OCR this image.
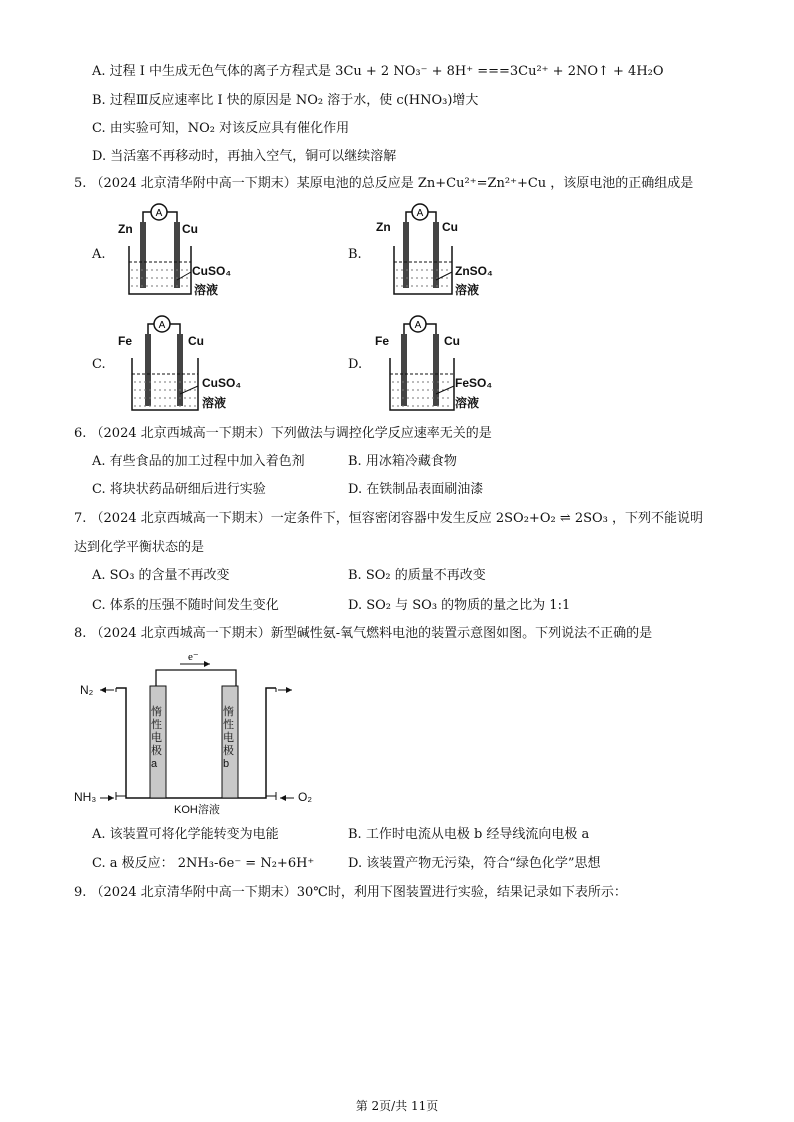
A. 过程 Ⅰ 中生成无色气体的离子方程式是 3Cu + 2 NO₃⁻ + 8H⁺ ===3Cu²⁺ + 2NO↑ + 4H₂O
B. 过程Ⅲ反应速率比 Ⅰ 快的原因是 NO₂ 溶于水，使 c(HNO₃)增大
C. 由实验可知，NO₂ 对该反应具有催化作用
D. 当活塞不再移动时，再抽入空气，铜可以继续溶解
5. （2024 北京清华附中高一下期末）某原电池的总反应是 Zn+Cu²⁺=Zn²⁺+Cu ，该原电池的正确组成是
A.
A
Zn	Cu
CuSO₄
溶液
B.
A
Zn	Cu
ZnSO₄
溶液
C.
A
Fe	Cu
CuSO₄
溶液
D.
A
Fe	Cu
FeSO₄
溶液
6. （2024 北京西城高一下期末）下列做法与调控化学反应速率无关的是
A. 有些食品的加工过程中加入着色剂	B. 用冰箱冷藏食物
C. 将块状药品研细后进行实验	D. 在铁制品表面刷油漆
7. （2024 北京西城高一下期末）一定条件下，恒容密闭容器中发生反应 2SO₂+O₂ ⇌ 2SO₃ ，下列不能说明
达到化学平衡状态的是
A. SO₃ 的含量不再改变	B. SO₂ 的质量不再改变
C. 体系的压强不随时间发生变化	D. SO₂ 与 SO₃ 的物质的量之比为 1:1
8. （2024 北京西城高一下期末）新型碱性氨-氧气燃料电池的装置示意图如图。下列说法不正确的是
e⁻
N₂
NH₃	O₂
惰性电极a
惰性电极b
KOH溶液
A. 该装置可将化学能转变为电能	B. 工作时电流从电极 b 经导线流向电极 a
C. a 极反应： 2NH₃-6e⁻ = N₂+6H⁺	D. 该装置产物无污染，符合“绿色化学”思想
9. （2024 北京清华附中高一下期末）30℃时，利用下图装置进行实验，结果记录如下表所示：
第 2页/共 11页
